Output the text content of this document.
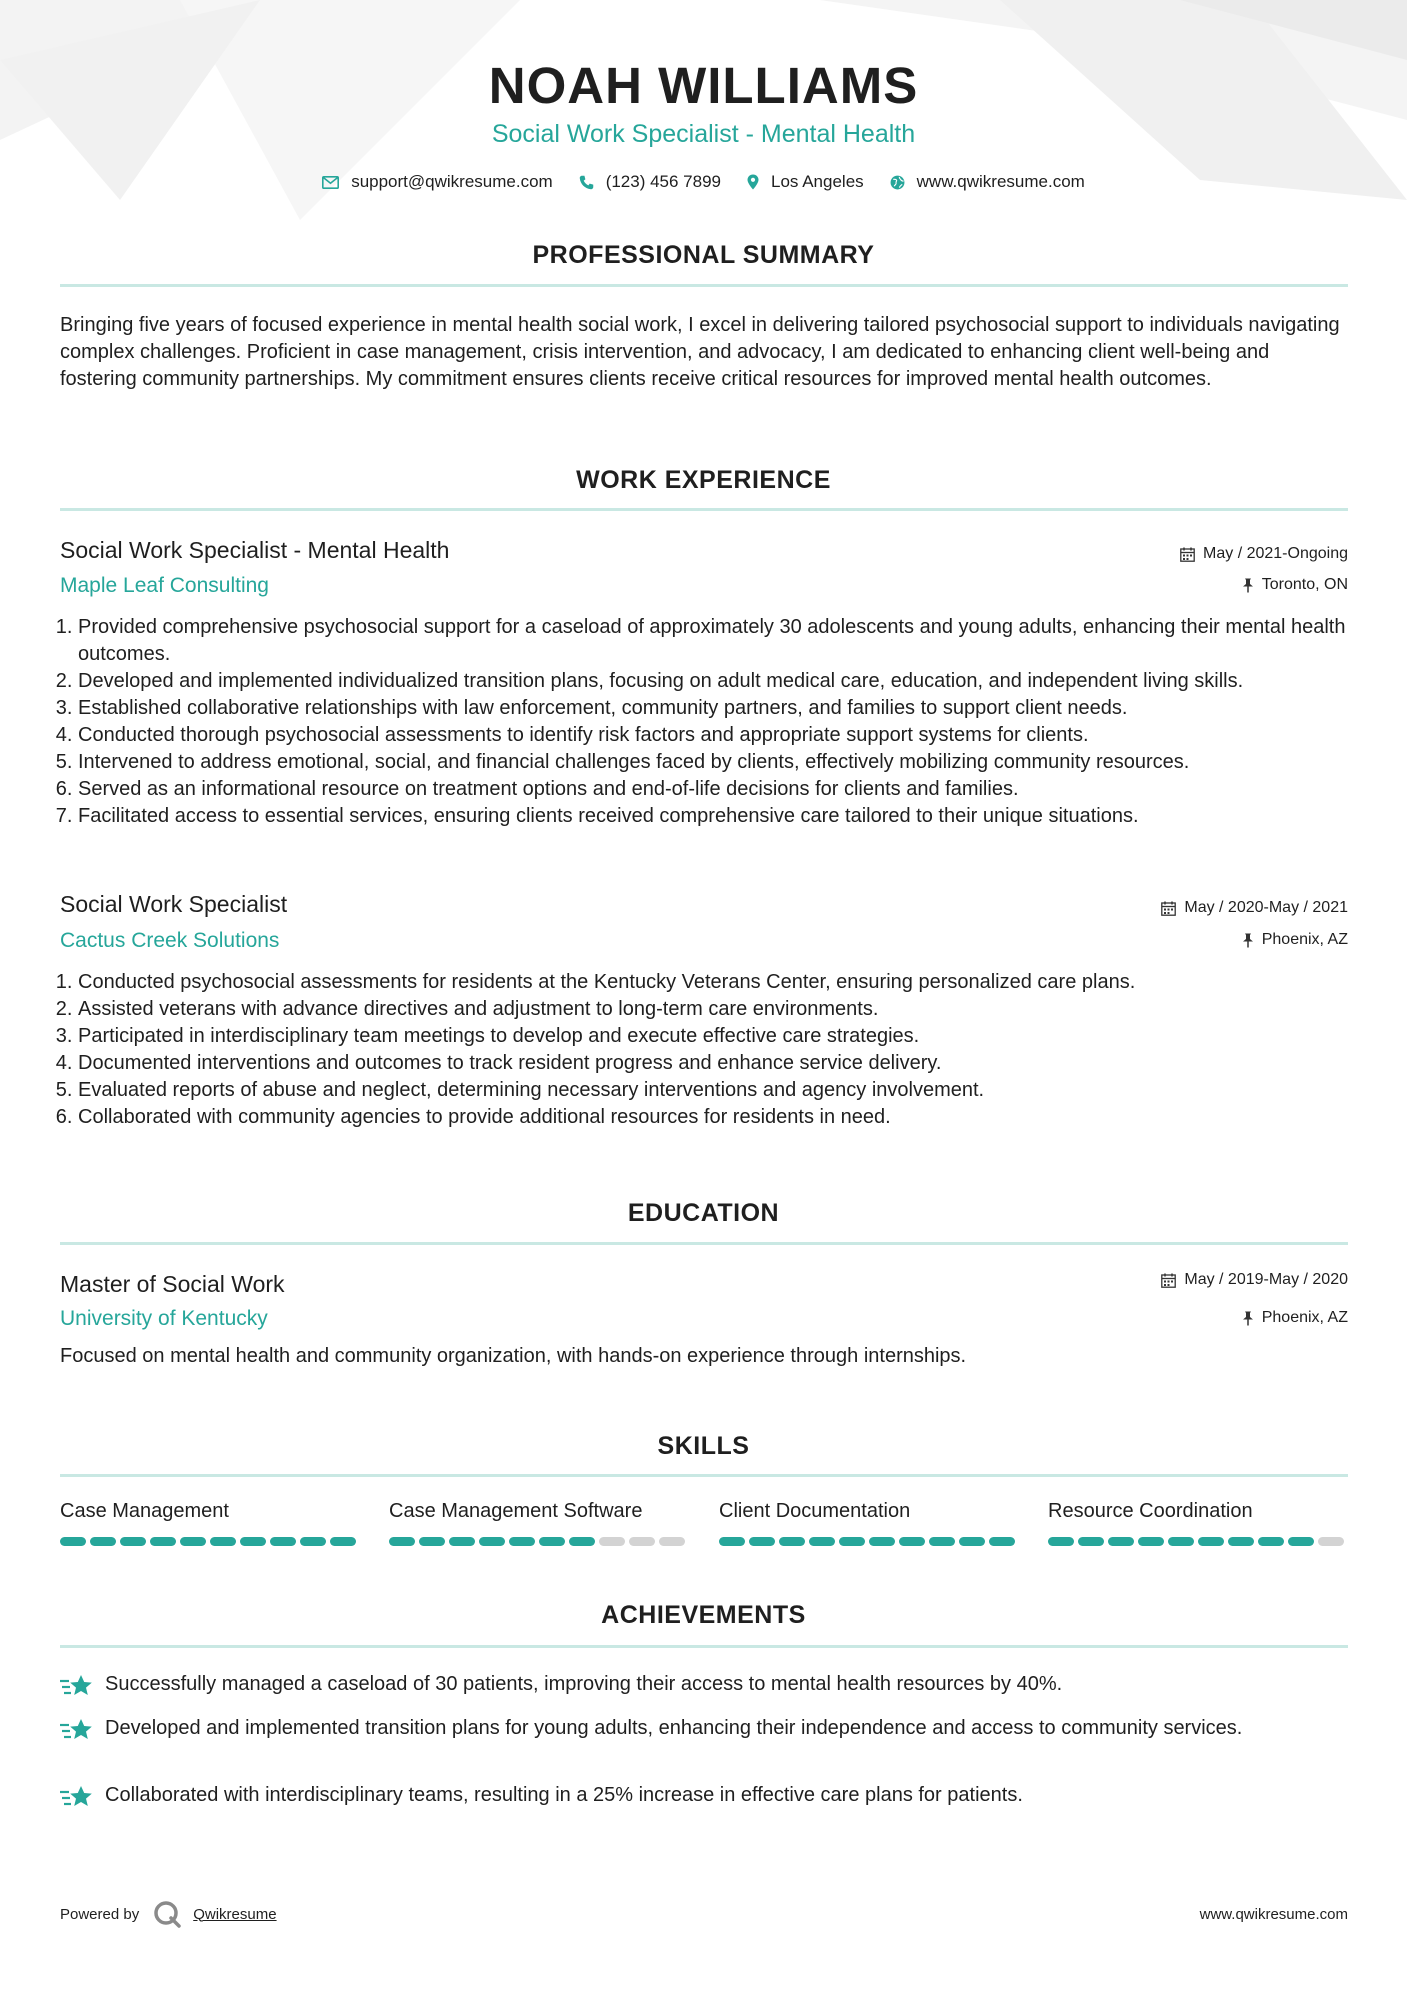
NOAH WILLIAMS
Social Work Specialist - Mental Health
support@qwikresume.com	(123) 456 7899	Los Angeles	www.qwikresume.com
PROFESSIONAL SUMMARY
Bringing five years of focused experience in mental health social work, I excel in delivering tailored psychosocial support to individuals navigating complex challenges. Proficient in case management, crisis intervention, and advocacy, I am dedicated to enhancing client well-being and fostering community partnerships. My commitment ensures clients receive critical resources for improved mental health outcomes.
WORK EXPERIENCE
Social Work Specialist - Mental Health
Maple Leaf Consulting
May / 2021-Ongoing
Toronto, ON
1. Provided comprehensive psychosocial support for a caseload of approximately 30 adolescents and young adults, enhancing their mental health outcomes.
2. Developed and implemented individualized transition plans, focusing on adult medical care, education, and independent living skills.
3. Established collaborative relationships with law enforcement, community partners, and families to support client needs.
4. Conducted thorough psychosocial assessments to identify risk factors and appropriate support systems for clients.
5. Intervened to address emotional, social, and financial challenges faced by clients, effectively mobilizing community resources.
6. Served as an informational resource on treatment options and end-of-life decisions for clients and families.
7. Facilitated access to essential services, ensuring clients received comprehensive care tailored to their unique situations.
Social Work Specialist
Cactus Creek Solutions
May / 2020-May / 2021
Phoenix, AZ
1. Conducted psychosocial assessments for residents at the Kentucky Veterans Center, ensuring personalized care plans.
2. Assisted veterans with advance directives and adjustment to long-term care environments.
3. Participated in interdisciplinary team meetings to develop and execute effective care strategies.
4. Documented interventions and outcomes to track resident progress and enhance service delivery.
5. Evaluated reports of abuse and neglect, determining necessary interventions and agency involvement.
6. Collaborated with community agencies to provide additional resources for residents in need.
EDUCATION
Master of Social Work
University of Kentucky
May / 2019-May / 2020
Phoenix, AZ
Focused on mental health and community organization, with hands-on experience through internships.
SKILLS
Case Management	Case Management Software	Client Documentation	Resource Coordination
ACHIEVEMENTS
Successfully managed a caseload of 30 patients, improving their access to mental health resources by 40%.
Developed and implemented transition plans for young adults, enhancing their independence and access to community services.
Collaborated with interdisciplinary teams, resulting in a 25% increase in effective care plans for patients.
Powered by	Qwikresume	www.qwikresume.com
